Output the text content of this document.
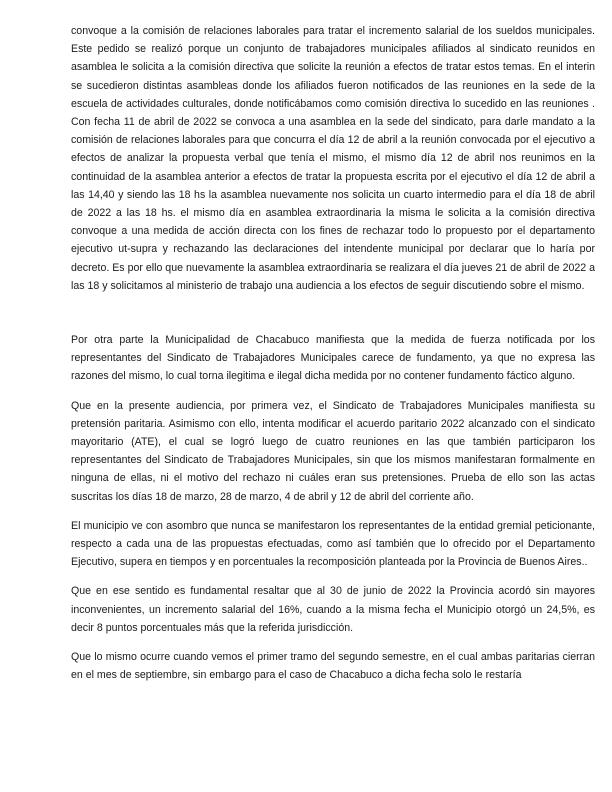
convoque a la comisión de relaciones laborales para tratar el incremento salarial de los sueldos municipales. Este pedido se realizó porque un conjunto de trabajadores municipales afiliados al sindicato reunidos en asamblea le solicita a la comisión directiva que solicite la reunión a efectos de tratar estos temas. En el interin se sucedieron distintas asambleas donde los afiliados fueron notificados de las reuniones en la sede de la escuela de actividades culturales, donde notificábamos como comisión directiva lo sucedido en las reuniones . Con fecha 11 de abril de 2022 se convoca a una asamblea en la sede del sindicato, para darle mandato a la comisión de relaciones laborales para que concurra el día 12 de abril a la reunión convocada por el ejecutivo a efectos de analizar la propuesta verbal que tenía el mismo, el mismo día 12 de abril nos reunimos en la continuidad de la asamblea anterior a efectos de tratar la propuesta escrita por el ejecutivo el día 12 de abril a las 14,40 y siendo las 18 hs la asamblea nuevamente nos solicita un cuarto intermedio para el día 18 de abril de 2022 a las 18 hs. el mismo día en asamblea extraordinaria la misma le solicita a la comisión directiva convoque a una medida de acción directa con los fines de rechazar todo lo propuesto por el departamento ejecutivo ut-supra y rechazando las declaraciones del intendente municipal por declarar que lo haría por decreto. Es por ello que nuevamente la asamblea extraordinaria se realizara el día jueves 21 de abril de 2022 a las 18 y solicitamos al ministerio de trabajo una audiencia a los efectos de seguir discutiendo sobre el mismo.

Por otra parte la Municipalidad de Chacabuco manifiesta que la medida de fuerza notificada por los representantes del Sindicato de Trabajadores Municipales carece de fundamento, ya que no expresa las razones del mismo, lo cual torna ilegitima e ilegal dicha medida por no contener fundamento fáctico alguno.

Que en la presente audiencia, por primera vez, el Sindicato de Trabajadores Municipales manifiesta su pretensión paritaria. Asimismo con ello, intenta modificar el acuerdo paritario 2022 alcanzado con el sindicato mayoritario (ATE), el cual se logró luego de cuatro reuniones en las que también participaron los representantes del Sindicato de Trabajadores Municipales, sin que los mismos manifestaran formalmente en ninguna de ellas, ni el motivo del rechazo ni cuáles eran sus pretensiones. Prueba de ello son las actas suscritas los días 18 de marzo, 28 de marzo, 4 de abril y 12 de abril del corriente año.

El municipio ve con asombro que nunca se manifestaron los representantes de la entidad gremial peticionante, respecto a cada una de las propuestas efectuadas, como así también que lo ofrecido por el Departamento Ejecutivo, supera en tiempos y en porcentuales la recomposición planteada por la Provincia de Buenos Aires..

Que en ese sentido es fundamental resaltar que al 30 de junio de 2022 la Provincia acordó sin mayores inconvenientes, un incremento salarial del 16%, cuando a la misma fecha el Municipio otorgó un 24,5%, es decir 8 puntos porcentuales más que la referida jurisdicción.

Que lo mismo ocurre cuando vemos el primer tramo del segundo semestre, en el cual ambas paritarias cierran en el mes de septiembre, sin embargo para el caso de Chacabuco a dicha fecha solo le restaría
